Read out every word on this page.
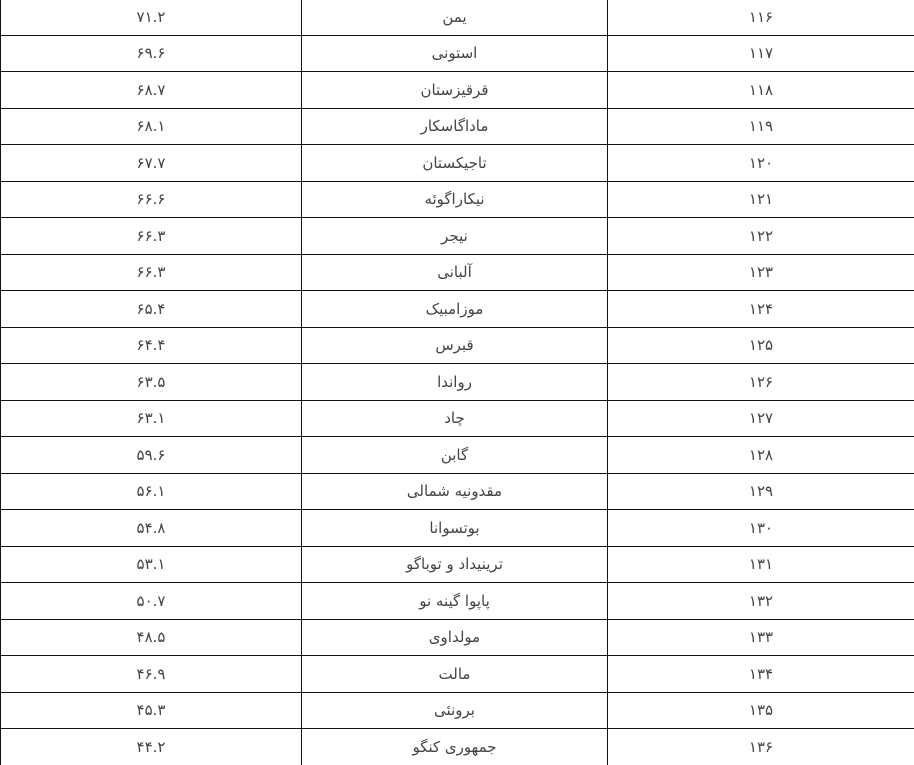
۱۱۶	یمن	۷۱.۲
۱۱۷	استونی	۶۹.۶
۱۱۸	قرقیزستان	۶۸.۷
۱۱۹	ماداگاسکار	۶۸.۱
۱۲۰	تاجیکستان	۶۷.۷
۱۲۱	نیکاراگوئه	۶۶.۶
۱۲۲	نیجر	۶۶.۳
۱۲۳	آلبانی	۶۶.۳
۱۲۴	موزامبیک	۶۵.۴
۱۲۵	قبرس	۶۴.۴
۱۲۶	رواندا	۶۳.۵
۱۲۷	چاد	۶۳.۱
۱۲۸	گابن	۵۹.۶
۱۲۹	مقدونیه شمالی	۵۶.۱
۱۳۰	بوتسوانا	۵۴.۸
۱۳۱	ترینیداد و توباگو	۵۳.۱
۱۳۲	پاپوا گینه نو	۵۰.۷
۱۳۳	مولداوی	۴۸.۵
۱۳۴	مالت	۴۶.۹
۱۳۵	برونئی	۴۵.۳
۱۳۶	جمهوری کنگو	۴۴.۲
